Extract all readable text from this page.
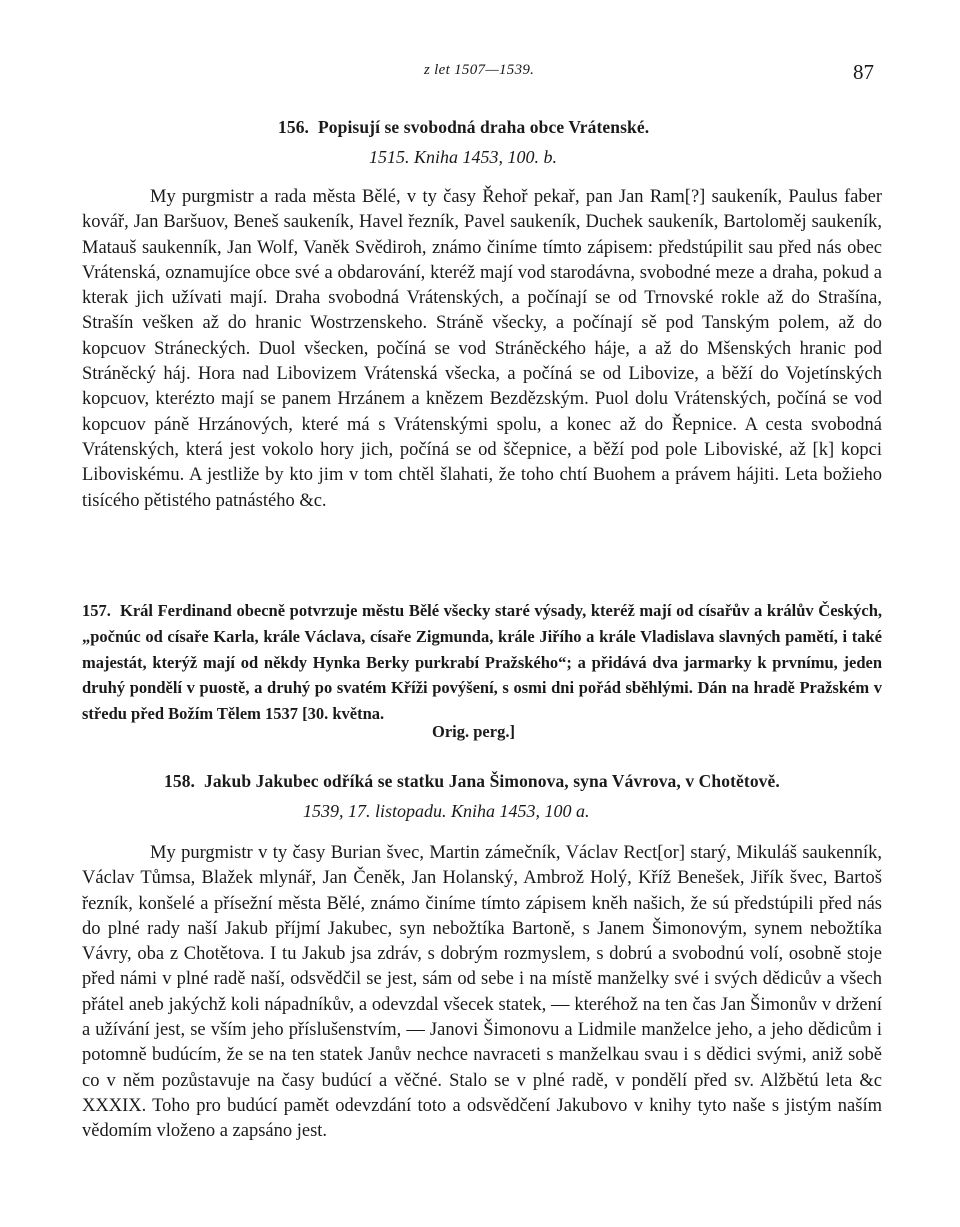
z let 1507—1539.	87
156. Popisují se svobodná draha obce Vrátenské.
1515. Kniha 1453, 100. b.
My purgmistr a rada města Bělé, v ty časy Řehoř pekař, pan Jan Ram[?] saukeník, Paulus faber kovář, Jan Baršuov, Beneš saukeník, Havel řezník, Pavel saukeník, Duchek saukeník, Bartoloměj saukeník, Matauš saukenník, Jan Wolf, Vaněk Svědiroh, známo činíme tímto zápisem: předstúpilit sau před nás obec Vrátenská, oznamujíce obce své a obdarování, kteréž mají vod starodávna, svobodné meze a draha, pokud a kterak jich užívati mají. Draha svobodná Vrátenských, a počínají se od Trnovské rokle až do Strašína, Strašín vešken až do hranic Wostrzenskeho. Stráně všecky, a počínají sě pod Tanským polem, až do kopcuov Stráneckých. Duol všecken, počíná se vod Stráněckého háje, a až do Mšenských hranic pod Stráněcký háj. Hora nad Libovizem Vrátenská všecka, a počíná se od Libovize, a běží do Vojetínských kopcuov, kterézto mají se panem Hrzánem a knězem Bezdězským. Puol dolu Vrátenských, počíná se vod kopcuov páně Hrzánových, které má s Vrátenskými spolu, a konec až do Řepnice. A cesta svobodná Vrátenských, která jest vokolo hory jich, počíná se od ščepnice, a běží pod pole Liboviské, až [k] kopci Liboviskému. A jestliže by kto jim v tom chtěl šlahati, že toho chtí Buohem a právem hájiti. Leta božieho tisícého pětistého patnástého &c.
157. Král Ferdinand obecně potvrzuje městu Bělé všecky staré výsady, kteréž mají od císařův a králův Českých, „počnúc od císaře Karla, krále Václava, císaře Zigmunda, krále Jiřího a krále Vladislava slavných pamětí, i také majestát, kterýž mají od někdy Hynka Berky purkrabí Pražského“; a přidává dva jarmarky k prvnímu, jeden druhý pondělí v puostě, a druhý po svatém Kříži povýšení, s osmi dni pořád sběhlými. Dán na hradě Pražském v středu před Božím Tělem 1537 [30. května.
Orig. perg.]
158. Jakub Jakubec odříká se statku Jana Šimonova, syna Vávrova, v Chotětově.
1539, 17. listopadu. Kniha 1453, 100 a.
My purgmistr v ty časy Burian švec, Martin zámečník, Václav Rect[or] starý, Mikuláš saukenník, Václav Tůmsa, Blažek mlynář, Jan Čeněk, Jan Holanský, Ambrož Holý, Kříž Benešek, Jiřík švec, Bartoš řezník, konšelé a přísežní města Bělé, známo činíme tímto zápisem kněh našich, že sú předstúpili před nás do plné rady naší Jakub příjmí Jakubec, syn nebožtíka Bartoně, s Janem Šimonovým, synem nebožtíka Vávry, oba z Chotětova. I tu Jakub jsa zdráv, s dobrým rozmyslem, s dobrú a svobodnú volí, osobně stoje před námi v plné radě naší, odsvědčil se jest, sám od sebe i na místě manželky své i svých dědicův a všech přátel aneb jakýchž koli nápadníkův, a odevzdal všecek statek, — kteréhož na ten čas Jan Šimonův v držení a užívání jest, se vším jeho příslušenstvím, — Janovi Šimonovu a Lidmile manželce jeho, a jeho dědicům i potomně budúcím, že se na ten statek Janův nechce navraceti s manželkau svau i s dědici svými, aniž sobě co v něm pozůstavuje na časy budúcí a věčné. Stalo se v plné radě, v pondělí před sv. Alžbětú leta &c XXXIX. Toho pro budúcí pamět odevzdání toto a odsvědčení Jakubovo v knihy tyto naše s jistým naším vědomím vloženo a zapsáno jest.
